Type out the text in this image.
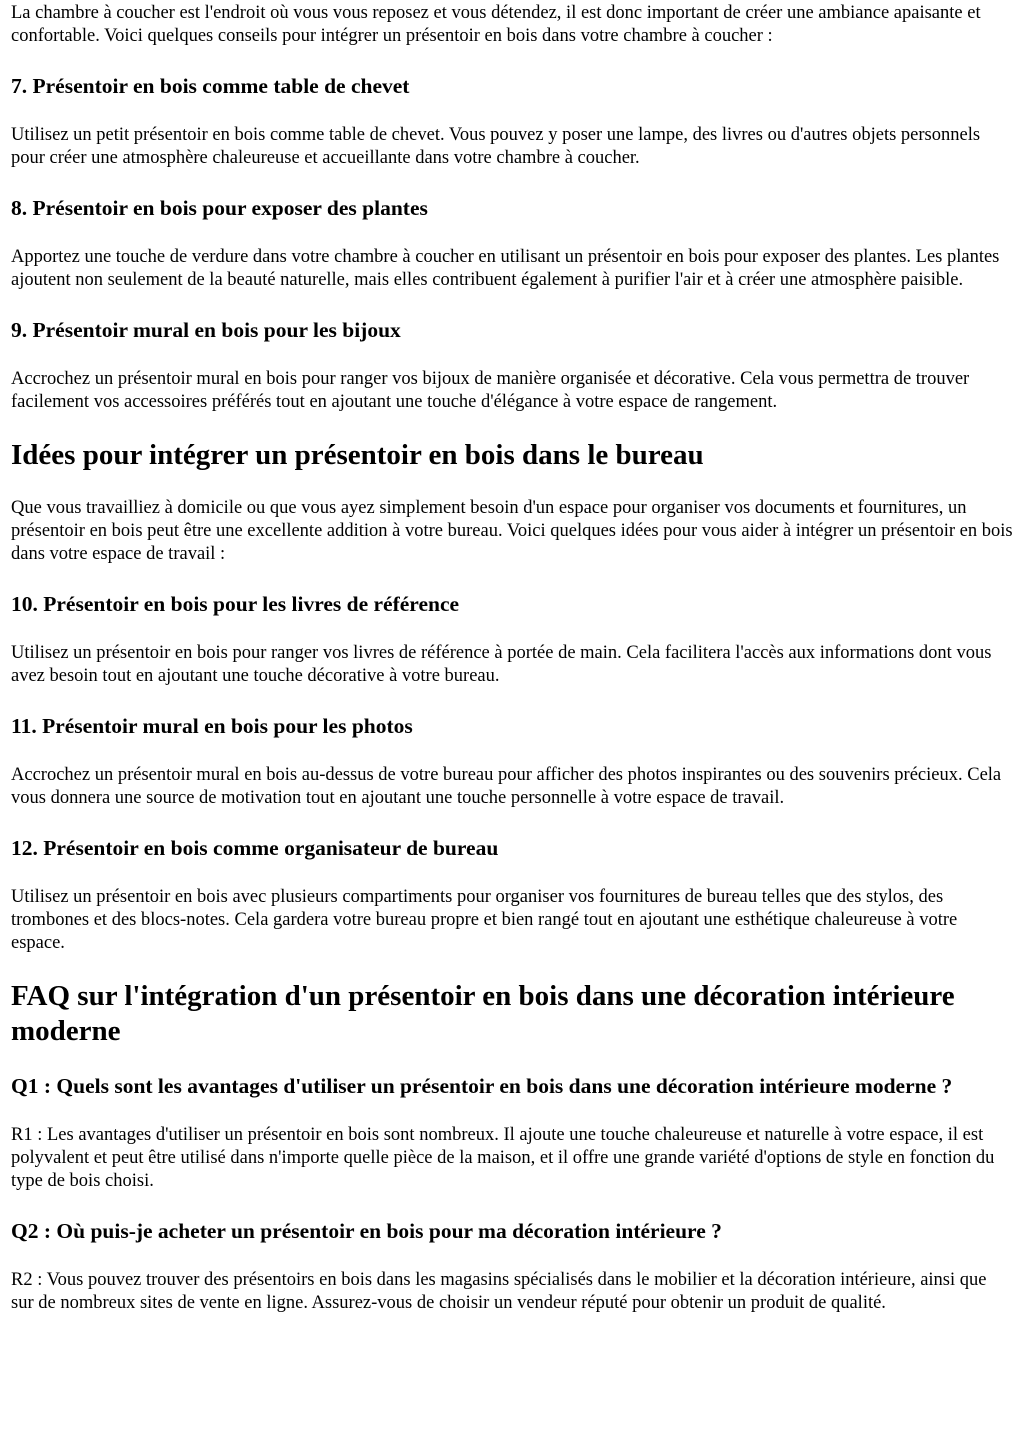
La chambre à coucher est l'endroit où vous vous reposez et vous détendez, il est donc important de créer une ambiance apaisante et confortable. Voici quelques conseils pour intégrer un présentoir en bois dans votre chambre à coucher :

7. Présentoir en bois comme table de chevet

Utilisez un petit présentoir en bois comme table de chevet. Vous pouvez y poser une lampe, des livres ou d'autres objets personnels pour créer une atmosphère chaleureuse et accueillante dans votre chambre à coucher.

8. Présentoir en bois pour exposer des plantes

Apportez une touche de verdure dans votre chambre à coucher en utilisant un présentoir en bois pour exposer des plantes. Les plantes ajoutent non seulement de la beauté naturelle, mais elles contribuent également à purifier l'air et à créer une atmosphère paisible.

9. Présentoir mural en bois pour les bijoux

Accrochez un présentoir mural en bois pour ranger vos bijoux de manière organisée et décorative. Cela vous permettra de trouver facilement vos accessoires préférés tout en ajoutant une touche d'élégance à votre espace de rangement.

Idées pour intégrer un présentoir en bois dans le bureau

Que vous travailliez à domicile ou que vous ayez simplement besoin d'un espace pour organiser vos documents et fournitures, un présentoir en bois peut être une excellente addition à votre bureau. Voici quelques idées pour vous aider à intégrer un présentoir en bois dans votre espace de travail :

10. Présentoir en bois pour les livres de référence

Utilisez un présentoir en bois pour ranger vos livres de référence à portée de main. Cela facilitera l'accès aux informations dont vous avez besoin tout en ajoutant une touche décorative à votre bureau.

11. Présentoir mural en bois pour les photos

Accrochez un présentoir mural en bois au-dessus de votre bureau pour afficher des photos inspirantes ou des souvenirs précieux. Cela vous donnera une source de motivation tout en ajoutant une touche personnelle à votre espace de travail.

12. Présentoir en bois comme organisateur de bureau

Utilisez un présentoir en bois avec plusieurs compartiments pour organiser vos fournitures de bureau telles que des stylos, des trombones et des blocs-notes. Cela gardera votre bureau propre et bien rangé tout en ajoutant une esthétique chaleureuse à votre espace.

FAQ sur l'intégration d'un présentoir en bois dans une décoration intérieure moderne
Q1 : Quels sont les avantages d'utiliser un présentoir en bois dans une décoration intérieure moderne ?

R1 : Les avantages d'utiliser un présentoir en bois sont nombreux. Il ajoute une touche chaleureuse et naturelle à votre espace, il est polyvalent et peut être utilisé dans n'importe quelle pièce de la maison, et il offre une grande variété d'options de style en fonction du type de bois choisi.

Q2 : Où puis-je acheter un présentoir en bois pour ma décoration intérieure ?

R2 : Vous pouvez trouver des présentoirs en bois dans les magasins spécialisés dans le mobilier et la décoration intérieure, ainsi que sur de nombreux sites de vente en ligne. Assurez-vous de choisir un vendeur réputé pour obtenir un produit de qualité.
